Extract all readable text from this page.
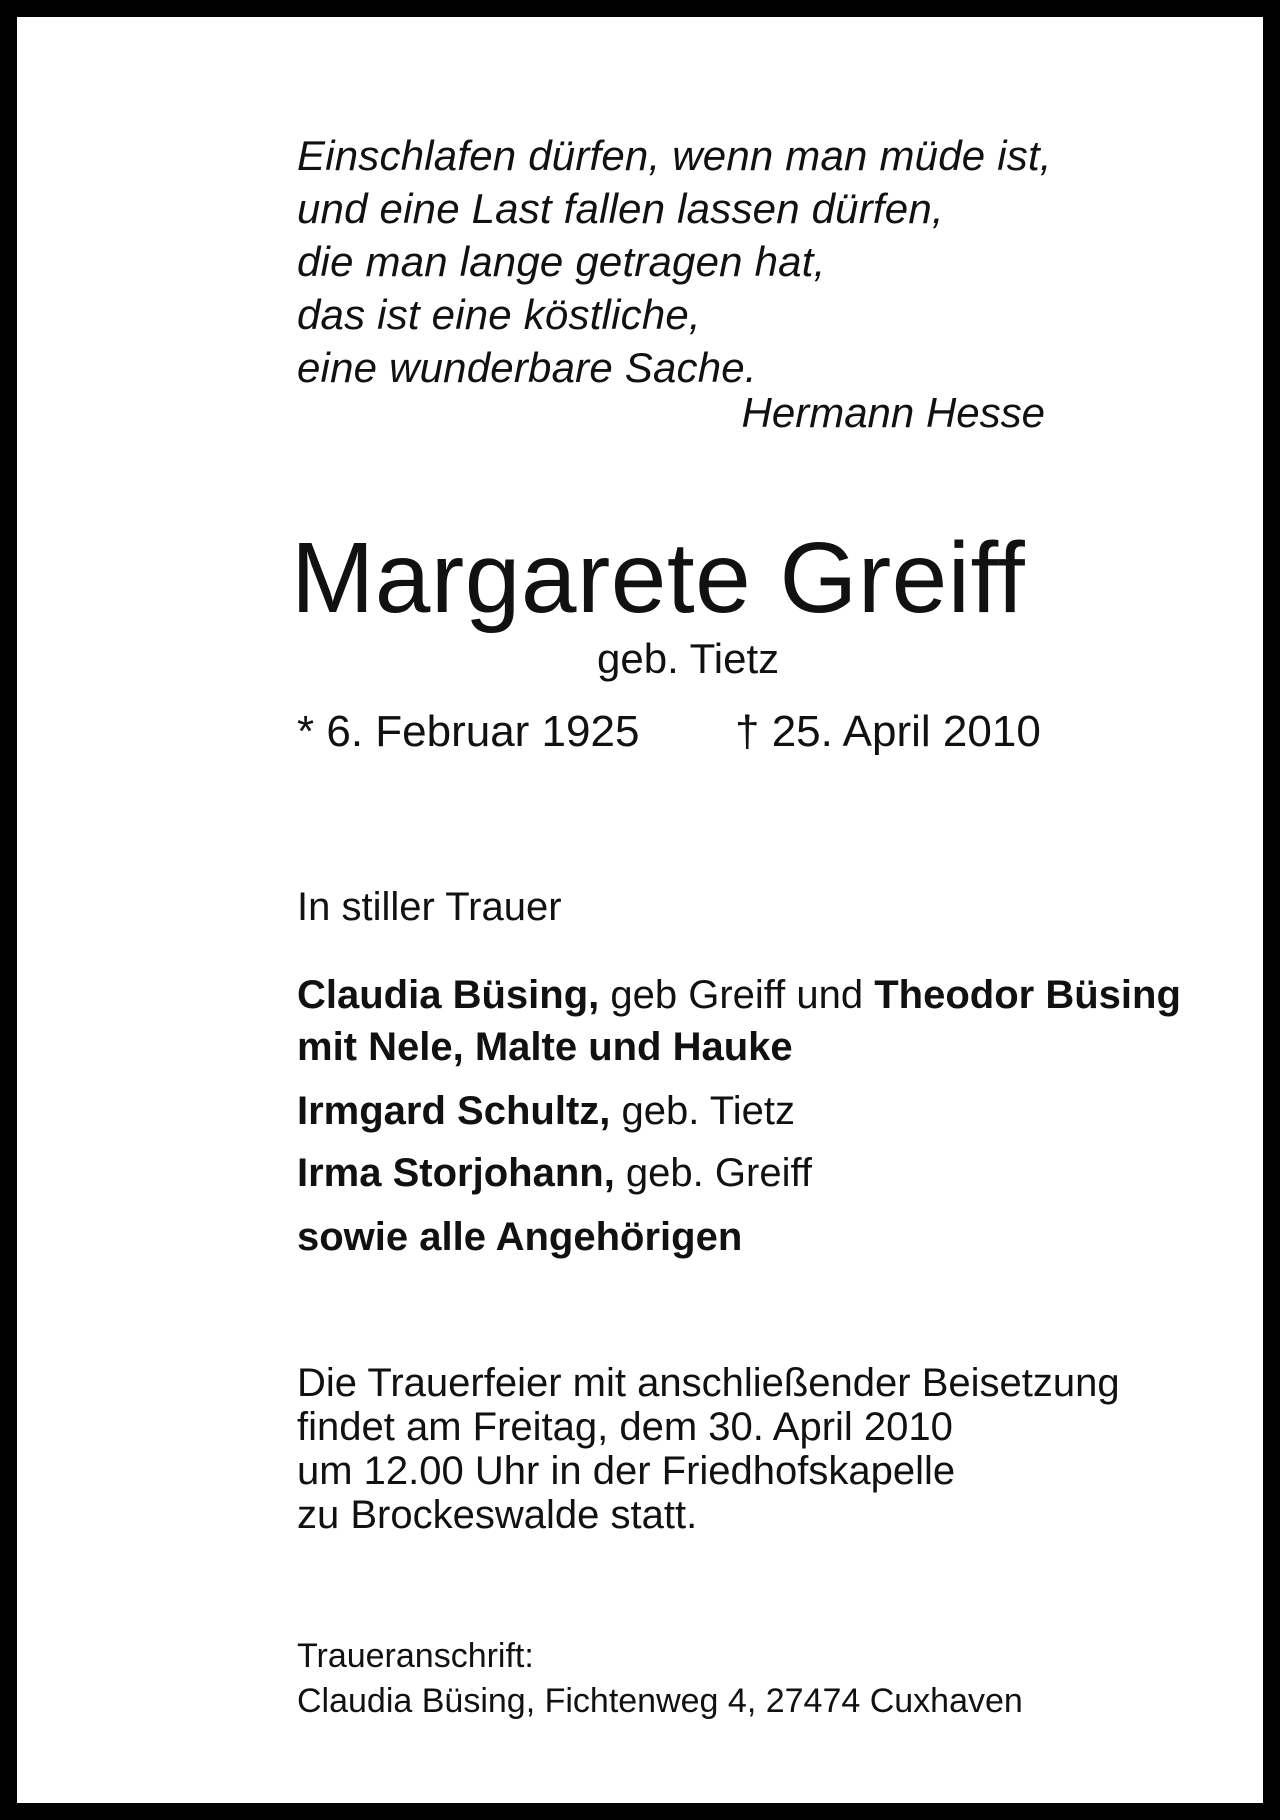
Einschlafen dürfen, wenn man müde ist,
und eine Last fallen lassen dürfen,
die man lange getragen hat,
das ist eine köstliche,
eine wunderbare Sache.
Hermann Hesse
Margarete Greiff
geb. Tietz
* 6. Februar 1925 † 25. April 2010
In stiller Trauer
Claudia Büsing, geb Greiff und Theodor Büsing
mit Nele, Malte und Hauke
Irmgard Schultz, geb. Tietz
Irma Storjohann, geb. Greiff
sowie alle Angehörigen
Die Trauerfeier mit anschließender Beisetzung
findet am Freitag, dem 30. April 2010
um 12.00 Uhr in der Friedhofskapelle
zu Brockeswalde statt.
Traueranschrift:
Claudia Büsing, Fichtenweg 4, 27474 Cuxhaven
